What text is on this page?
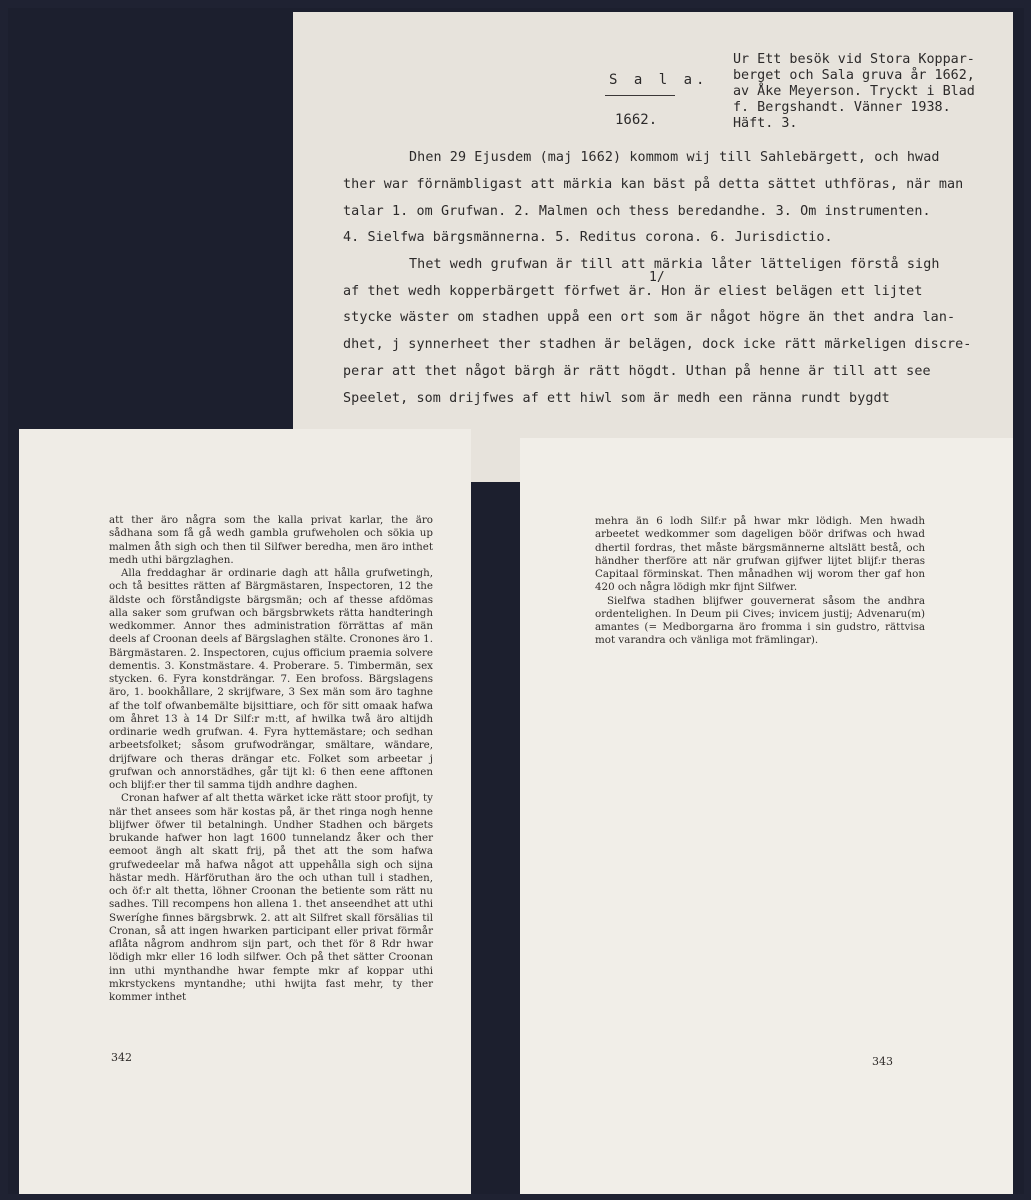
S a l a.
1662.
Ur Ett besök vid Stora Koppar-
berget och Sala gruva år 1662,
av Åke Meyerson. Tryckt i Blad
f. Bergshandt. Vänner 1938.
Häft. 3.
1/
Dhen 29 Ejusdem (maj 1662) kommom wij till Sahlebärgett, och hwad
ther war förnämbligast att märkia kan bäst på detta sättet uthföras, när man
talar 1. om Grufwan. 2. Malmen och thess beredandhe. 3. Om instrumenten.
4. Sielfwa bärgsmännerna. 5. Reditus corona. 6. Jurisdictio.
Thet wedh grufwan är till att märkia låter lätteligen förstå sigh
af thet wedh kopperbärgett förfwet är. Hon är eliest belägen ett lijtet
stycke wäster om stadhen uppå een ort som är något högre än thet andra lan-
dhet, j synnerheet ther stadhen är belägen, dock icke rätt märkeligen discre-
perar att thet något bärgh är rätt högdt. Uthan på henne är till att see
Speelet, som drijfwes af ett hiwl som är medh een ränna rundt bygdt

att ther äro några som the kalla privat karlar, the äro sådhana som få gå wedh gambla grufweholen och sökia up malmen åth sigh och then til Silfwer beredha, men äro inthet medh uthi bärgzlaghen.

Alla freddaghar är ordinarie dagh att hålla grufwetingh, och tå besittes rätten af Bärgmästaren, Inspectoren, 12 the äldste och förståndigste bärgsmän; och af thesse afdömas alla saker som grufwan och bärgsbrwkets rätta handteringh wedkommer. Annor thes administration förrättas af män deels af Croonan deels af Bärgslaghen stälte. Cronones äro 1. Bärgmästaren. 2. Inspectoren, cujus officium praemia solvere dementis. 3. Konstmästare. 4. Proberare. 5. Timbermän, sex stycken. 6. Fyra konstdrängar. 7. Een brofoss. Bärgslagens äro, 1. bookhållare, 2 skrijfware, 3 Sex män som äro taghne af the tolf ofwanbemälte bijsittiare, och för sitt omaak hafwa om åhret 13 à 14 Dr Silf:r m:tt, af hwilka twå äro altijdh ordinarie wedh grufwan. 4. Fyra hyttemästare; och sedhan arbeetsfolket; såsom grufwodrängar, smältare, wändare, drijfware och theras drängar etc. Folket som arbeetar j grufwan och annorstädhes, går tijt kl: 6 then eene afftonen och blijf:er ther til samma tijdh andhre daghen.

Cronan hafwer af alt thetta wärket icke rätt stoor profijt, ty när thet ansees som här kostas på, är thet ringa nogh henne blijfwer öfwer til betalningh. Undher Stadhen och bärgets brukande hafwer hon lagt 1600 tunnelandz åker och ther eemoot ängh alt skatt frij, på thet att the som hafwa grufwedeelar må hafwa något att uppehålla sigh och sijna hästar medh. Härföruthan äro the och uthan tull i stadhen, och öf:r alt thetta, löhner Croonan the betiente som rätt nu sadhes. Till recompens hon allena 1. thet anseendhet att uthi Sweríghe finnes bärgsbrwk. 2. att alt Silfret skall försälias til Cronan, så att ingen hwarken participant eller privat förmår aflåta någrom andhrom sijn part, och thet för 8 Rdr hwar lödigh mkr eller 16 lodh silfwer. Och på thet sätter Croonan inn uthi mynthandhe hwar fempte mkr af koppar uthi mkrstyckens myntandhe; uthi hwijta fast mehr, ty ther kommer inthet

342

mehra än 6 lodh Silf:r på hwar mkr lödigh. Men hwadh arbeetet wedkommer som dageligen böör drifwas och hwad dhertil fordras, thet måste bärgsmännerne altslätt bestå, och händher therföre att när grufwan gijfwer lijtet blijf:r theras Capitaal förminskat. Then månadhen wij worom ther gaf hon 420 och några lödigh mkr fijnt Silfwer.

Sielfwa stadhen blijfwer gouvernerat såsom the andhra ordentelighen. In Deum pii Cives; invicem justij; Advenaru(m) amantes (= Medborgarna äro fromma i sin gudstro, rättvisa mot varandra och vänliga mot främlingar).

343
